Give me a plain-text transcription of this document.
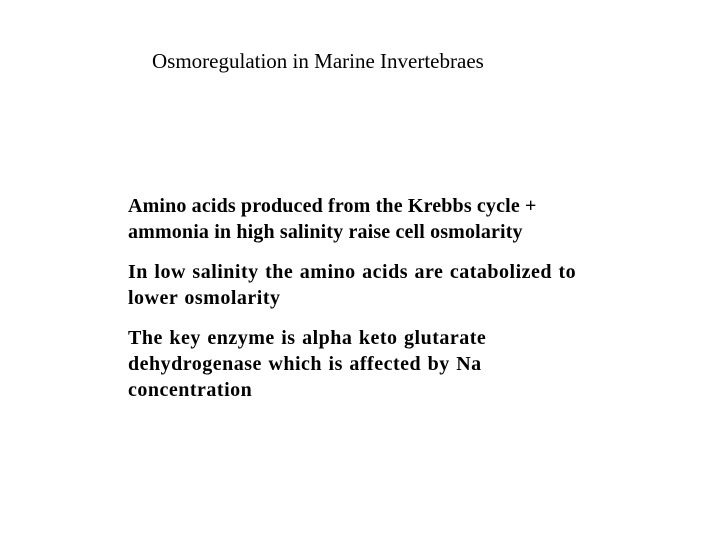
Osmoregulation in Marine Invertebraes
Amino acids produced from the Krebbs cycle +
ammonia in high salinity raise cell osmolarity
In low salinity the amino acids are catabolized to
lower osmolarity
The key enzyme is alpha keto glutarate
dehydrogenase which is affected by Na
concentration
